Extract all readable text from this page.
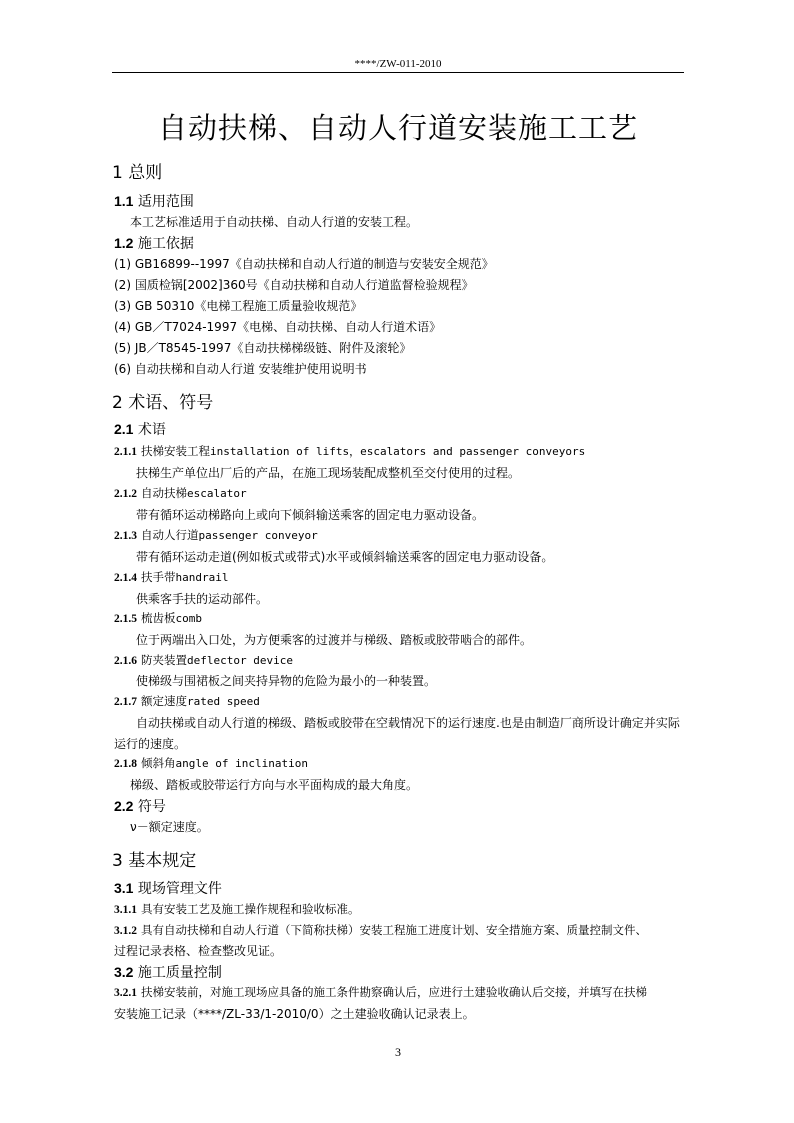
****/ZW-011-2010
自动扶梯、自动人行道安装施工工艺
1 总则
1.1 适用范围
本工艺标准适用于自动扶梯、自动人行道的安装工程。
1.2 施工依据
(1) GB16899--1997《自动扶梯和自动人行道的制造与安装安全规范》
(2) 国质检锅[2002]360号《自动扶梯和自动人行道监督检验规程》
(3) GB 50310《电梯工程施工质量验收规范》
(4) GB／T7024-1997《电梯、自动扶梯、自动人行道术语》
(5) JB／T8545-1997《自动扶梯梯级链、附件及滚轮》
(6) 自动扶梯和自动人行道 安装维护使用说明书
2 术语、符号
2.1 术语
2.1.1 扶梯安装工程installation of lifts，escalators and passenger conveyors
扶梯生产单位出厂后的产品，在施工现场装配成整机至交付使用的过程。
2.1.2 自动扶梯escalator
带有循环运动梯路向上或向下倾斜输送乘客的固定电力驱动设备。
2.1.3 自动人行道passenger conveyor
带有循环运动走道(例如板式或带式)水平或倾斜输送乘客的固定电力驱动设备。
2.1.4 扶手带handrail
供乘客手扶的运动部件。
2.1.5 梳齿板comb
位于两端出入口处，为方便乘客的过渡并与梯级、踏板或胶带啮合的部件。
2.1.6 防夹装置deflector device
使梯级与围裙板之间夹持异物的危险为最小的一种装置。
2.1.7 额定速度rated speed
自动扶梯或自动人行道的梯级、踏板或胶带在空载情况下的运行速度.也是由制造厂商所设计确定并实际
运行的速度。
2.1.8 倾斜角angle of inclination
梯级、踏板或胶带运行方向与水平面构成的最大角度。
2.2 符号
ν－额定速度。
3 基本规定
3.1 现场管理文件
3.1.1 具有安装工艺及施工操作规程和验收标准。
3.1.2 具有自动扶梯和自动人行道（下简称扶梯）安装工程施工进度计划、安全措施方案、质量控制文件、
过程记录表格、检查整改见证。
3.2 施工质量控制
3.2.1 扶梯安装前，对施工现场应具备的施工条件勘察确认后，应进行土建验收确认后交接，并填写在扶梯
安装施工记录（****/ZL-33/1-2010/0）之土建验收确认记录表上。
3
